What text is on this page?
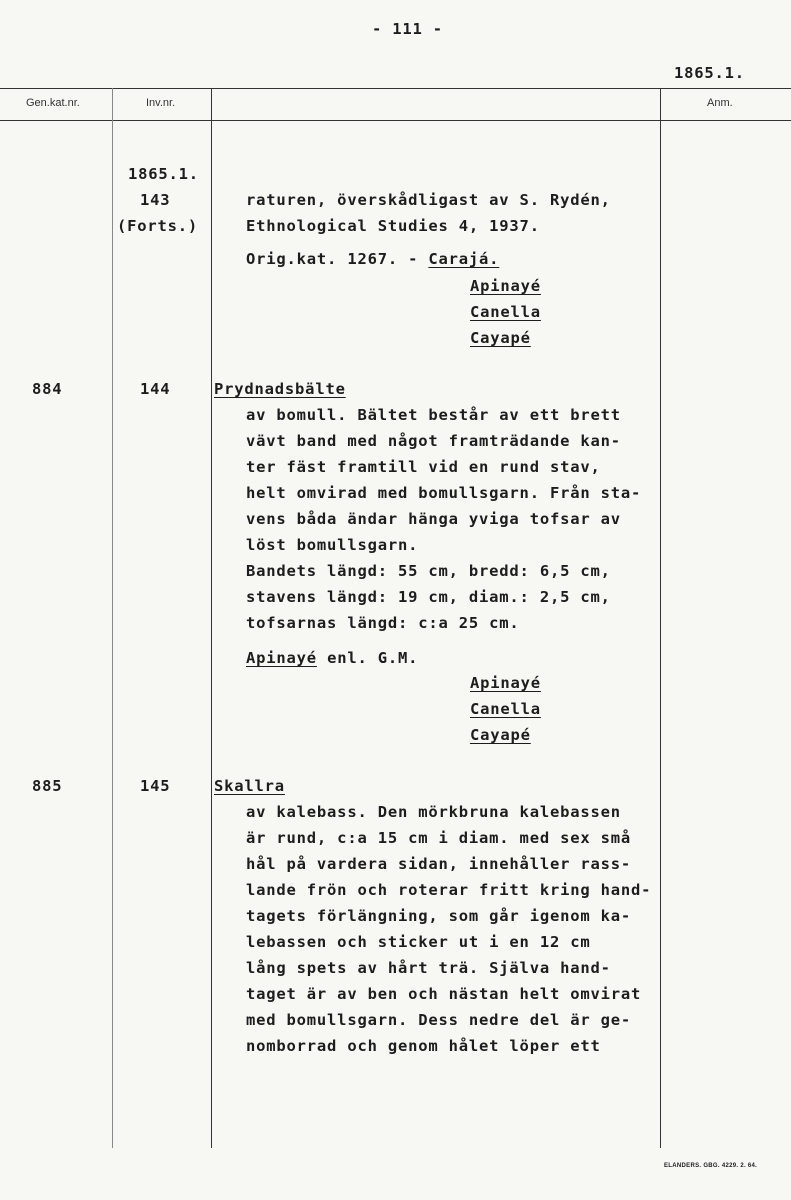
- 111 -
1865.1.
Gen.kat.nr.	Inv.nr.	Anm.
1865.1.
143
(Forts.)
raturen, överskådligast av S. Rydén,
Ethnological Studies 4, 1937.
Orig.kat. 1267. - Carajá.
Apinayé
Canella
Cayapé
884	144	Prydnadsbälte
av bomull. Bältet består av ett brett
vävt band med något framträdande kan-
ter fäst framtill vid en rund stav,
helt omvirad med bomullsgarn. Från sta-
vens båda ändar hänga yviga tofsar av
löst bomullsgarn.
Bandets längd: 55 cm, bredd: 6,5 cm,
stavens längd: 19 cm, diam.: 2,5 cm,
tofsarnas längd: c:a 25 cm.
Apinayé enl. G.M.
Apinayé
Canella
Cayapé
885	145	Skallra
av kalebass. Den mörkbruna kalebassen
är rund, c:a 15 cm i diam. med sex små
hål på vardera sidan, innehåller rass-
lande frön och roterar fritt kring hand-
tagets förlängning, som går igenom ka-
lebassen och sticker ut i en 12 cm
lång spets av hårt trä. Själva hand-
taget är av ben och nästan helt omvirat
med bomullsgarn. Dess nedre del är ge-
nomborrad och genom hålet löper ett
ELANDERS. GBG. 4229. 2. 64.
